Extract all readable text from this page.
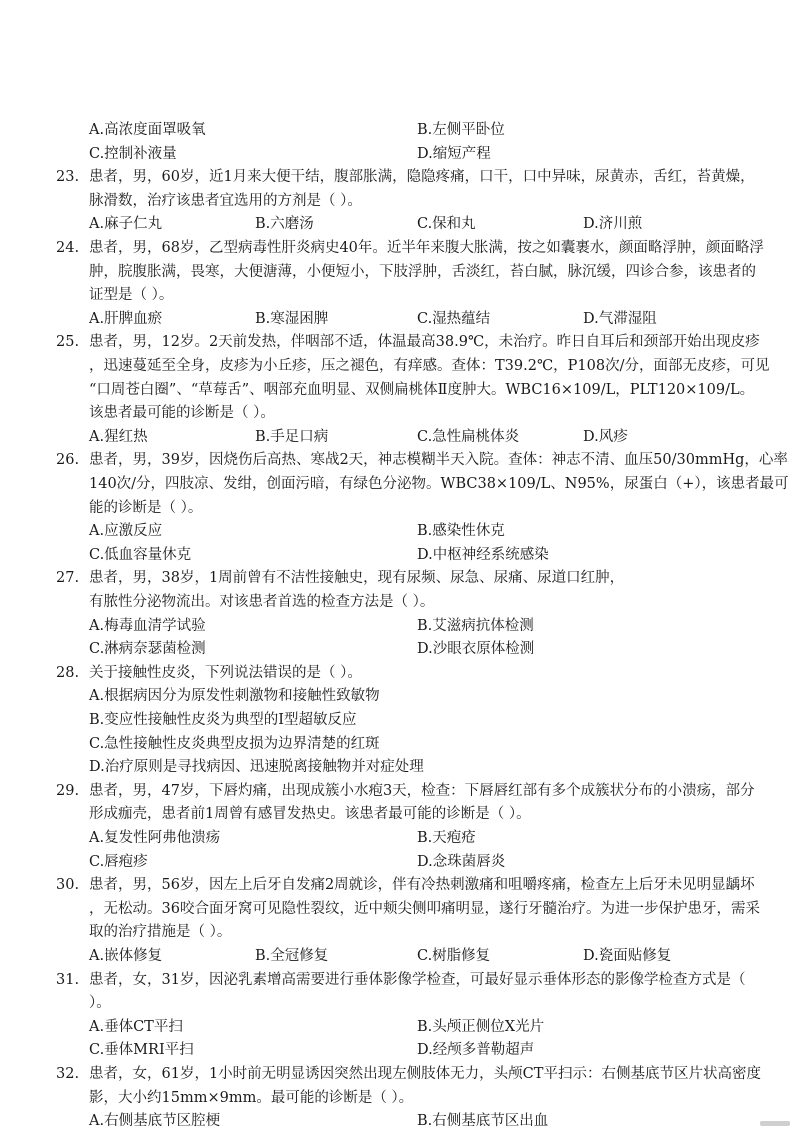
A.高浓度面罩吸氧	B.左侧平卧位
C.控制补液量	D.缩短产程
23. 患者，男，60岁，近1月来大便干结，腹部胀满，隐隐疼痛，口干，口中异味，尿黄赤，舌红，苔黄燥，
脉滑数，治疗该患者宜选用的方剂是（ ）。
A.麻子仁丸	B.六磨汤	C.保和丸	D.济川煎
24. 患者，男，68岁，乙型病毒性肝炎病史40年。近半年来腹大胀满，按之如囊裹水，颜面略浮肿，颜面略浮
肿，脘腹胀满，畏寒，大便溏薄，小便短小，下肢浮肿，舌淡红，苔白腻，脉沉缓，四诊合参，该患者的
证型是（ ）。
A.肝脾血瘀	B.寒湿困脾	C.湿热蕴结	D.气滞湿阻
25. 患者，男，12岁。2天前发热，伴咽部不适，体温最高38.9℃，未治疗。昨日自耳后和颈部开始出现皮疹
，迅速蔓延至全身，皮疹为小丘疹，压之褪色，有痒感。查体：T39.2℃，P108次/分，面部无皮疹，可见
“口周苍白圈”、“草莓舌”、咽部充血明显、双侧扁桃体Ⅱ度肿大。WBC16×109/L，PLT120×109/L。
该患者最可能的诊断是（ ）。
A.猩红热	B.手足口病	C.急性扁桃体炎	D.风疹
26. 患者，男，39岁，因烧伤后高热、寒战2天，神志模糊半天入院。查体：神志不清、血压50/30mmHg，心率
140次/分，四肢凉、发绀，创面污暗，有绿色分泌物。WBC38×109/L、N95%，尿蛋白（+），该患者最可
能的诊断是（ ）。
A.应激反应	B.感染性休克
C.低血容量休克	D.中枢神经系统感染
27. 患者，男，38岁，1周前曾有不洁性接触史，现有尿频、尿急、尿痛、尿道口红肿，
有脓性分泌物流出。对该患者首选的检查方法是（ ）。
A.梅毒血清学试验	B.艾滋病抗体检测
C.淋病奈瑟菌检测	D.沙眼衣原体检测
28. 关于接触性皮炎，下列说法错误的是（ ）。
A.根据病因分为原发性刺激物和接触性致敏物
B.变应性接触性皮炎为典型的Ⅰ型超敏反应
C.急性接触性皮炎典型皮损为边界清楚的红斑
D.治疗原则是寻找病因、迅速脱离接触物并对症处理
29. 患者，男，47岁，下唇灼痛，出现成簇小水疱3天，检查：下唇唇红部有多个成簇状分布的小溃疡，部分
形成痂壳，患者前1周曾有感冒发热史。该患者最可能的诊断是（ ）。
A.复发性阿弗他溃疡	B.天疱疮
C.唇疱疹	D.念珠菌唇炎
30. 患者，男，56岁，因左上后牙自发痛2周就诊，伴有冷热刺激痛和咀嚼疼痛，检查左上后牙未见明显龋坏
，无松动。36咬合面牙窝可见隐性裂纹，近中颊尖侧叩痛明显，遂行牙髓治疗。为进一步保护患牙，需采
取的治疗措施是（ ）。
A.嵌体修复	B.全冠修复	C.树脂修复	D.瓷面贴修复
31. 患者，女，31岁，因泌乳素增高需要进行垂体影像学检查，可最好显示垂体形态的影像学检查方式是（
）。
A.垂体CT平扫	B.头颅正侧位X光片
C.垂体MRI平扫	D.经颅多普勒超声
32. 患者，女，61岁，1小时前无明显诱因突然出现左侧肢体无力，头颅CT平扫示：右侧基底节区片状高密度
影，大小约15mm×9mm。最可能的诊断是（ ）。
A.右侧基底节区腔梗	B.右侧基底节区出血
